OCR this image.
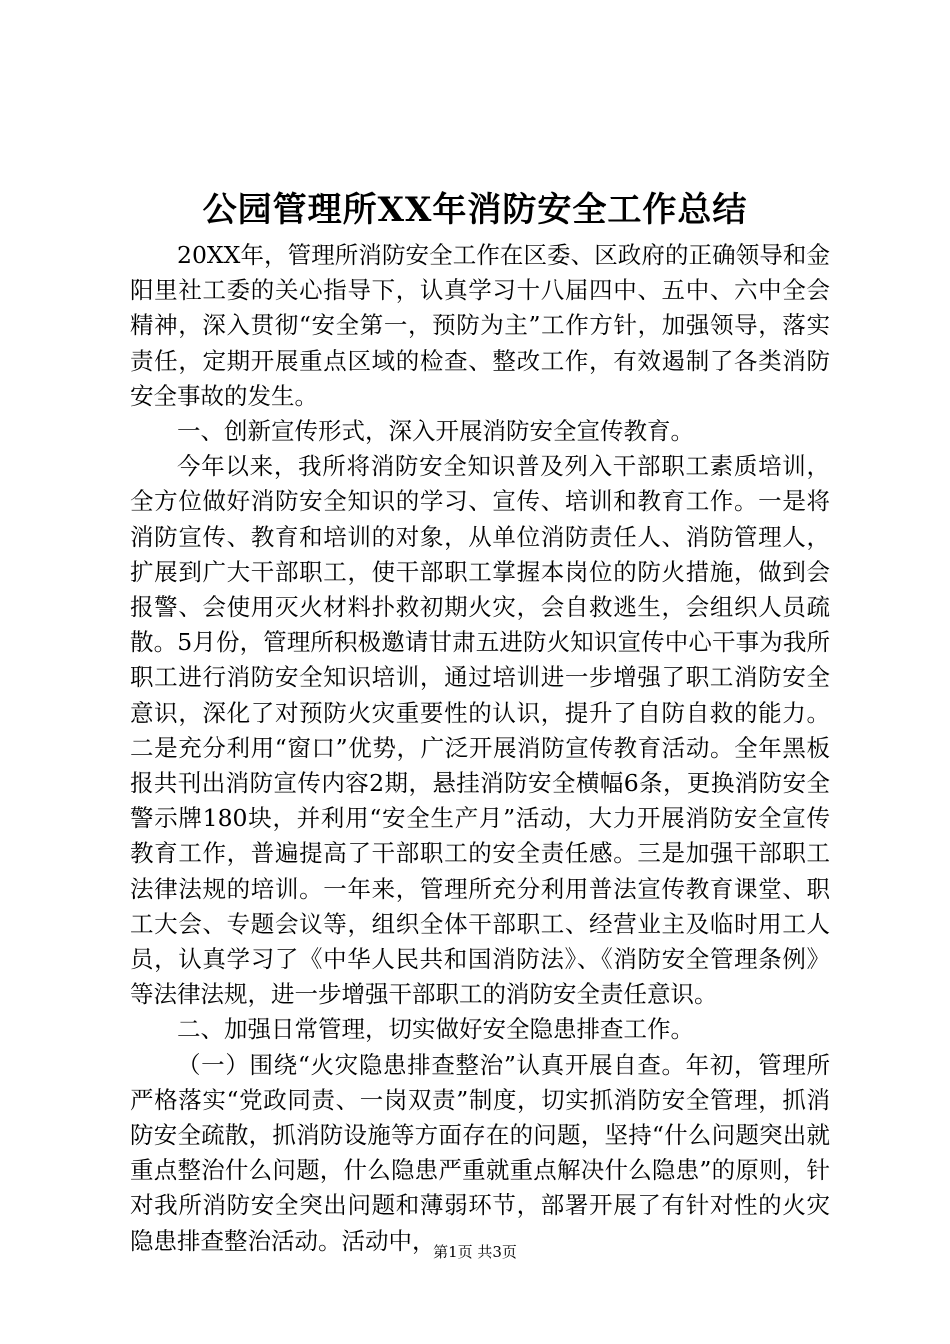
公园管理所XX年消防安全工作总结

20XX年，管理所消防安全工作在区委、区政府的正确领导和金阳里社工委的关心指导下，认真学习十八届四中、五中、六中全会精神，深入贯彻“安全第一，预防为主”工作方针，加强领导，落实责任，定期开展重点区域的检查、整改工作，有效遏制了各类消防安全事故的发生。

一、创新宣传形式，深入开展消防安全宣传教育。

今年以来，我所将消防安全知识普及列入干部职工素质培训，全方位做好消防安全知识的学习、宣传、培训和教育工作。一是将消防宣传、教育和培训的对象，从单位消防责任人、消防管理人，扩展到广大干部职工，使干部职工掌握本岗位的防火措施，做到会报警、会使用灭火材料扑救初期火灾，会自救逃生，会组织人员疏散。5月份，管理所积极邀请甘肃五进防火知识宣传中心干事为我所职工进行消防安全知识培训，通过培训进一步增强了职工消防安全意识，深化了对预防火灾重要性的认识，提升了自防自救的能力。二是充分利用“窗口”优势，广泛开展消防宣传教育活动。全年黑板报共刊出消防宣传内容2期，悬挂消防安全横幅6条，更换消防安全警示牌180块，并利用“安全生产月”活动，大力开展消防安全宣传教育工作，普遍提高了干部职工的安全责任感。三是加强干部职工法律法规的培训。一年来，管理所充分利用普法宣传教育课堂、职工大会、专题会议等，组织全体干部职工、经营业主及临时用工人员，认真学习了《中华人民共和国消防法》、《消防安全管理条例》等法律法规，进一步增强干部职工的消防安全责任意识。

二、加强日常管理，切实做好安全隐患排查工作。

（一）围绕“火灾隐患排查整治”认真开展自查。年初，管理所严格落实“党政同责、一岗双责”制度，切实抓消防安全管理，抓消防安全疏散，抓消防设施等方面存在的问题，坚持“什么问题突出就重点整治什么问题，什么隐患严重就重点解决什么隐患”的原则，针对我所消防安全突出问题和薄弱环节，部署开展了有针对性的火灾隐患排查整治活动。活动中，

第1页 共3页
